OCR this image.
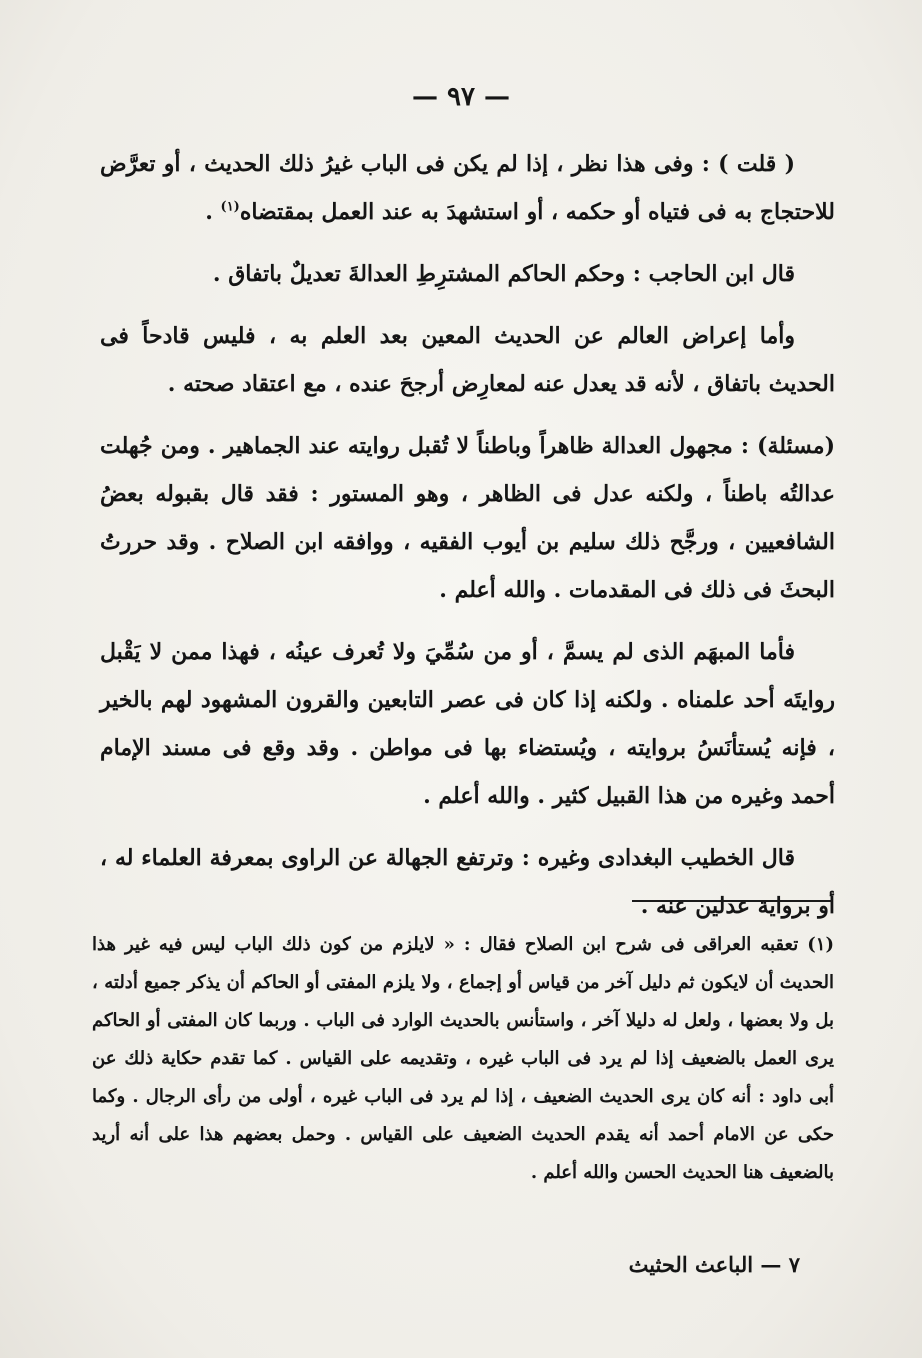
— ٩٧ —

( قلت ) : وفى هذا نظر ، إذا لم يكن فى الباب غيرُ ذلك الحديث ، أو تعرَّض للاحتجاج به فى فتياه أو حكمه ، أو استشهدَ به عند العمل بمقتضاه$^{(١)}$ .

قال ابن الحاجب : وحكم الحاكم المشترِطِ العدالةَ تعديلٌ باتفاق .

وأما إعراض العالم عن الحديث المعين بعد العلم به ، فليس قادحاً فى الحديث باتفاق ، لأنه قد يعدل عنه لمعارِض أرجحَ عنده ، مع اعتقاد صحته .

(مسئلة) : مجهول العدالة ظاهراً وباطناً لا تُقبل روايته عند الجماهير . ومن جُهلت عدالتُه باطناً ، ولكنه عدل فى الظاهر ، وهو المستور : فقد قال بقبوله بعضُ الشافعيين ، ورجَّح ذلك سليم بن أيوب الفقيه ، ووافقه ابن الصلاح . وقد حررتُ البحثَ فى ذلك فى المقدمات . والله أعلم .

فأما المبهَم الذى لم يسمَّ ، أو من سُمِّيَ ولا تُعرف عينُه ، فهذا ممن لا يَقْبل روايتَه أحد علمناه . ولكنه إذا كان فى عصر التابعين والقرون المشهود لهم بالخير ، فإنه يُستأنَسُ بروايته ، ويُستضاء بها فى مواطن . وقد وقع فى مسند الإمام أحمد وغيره من هذا القبيل كثير . والله أعلم .

قال الخطيب البغدادى وغيره : وترتفع الجهالة عن الراوى بمعرفة العلماء له ، أو برواية عدلين عنه .

(١) تعقبه العراقى فى شرح ابن الصلاح فقال : « لايلزم من كون ذلك الباب ليس فيه غير هذا الحديث أن لايكون ثم دليل آخر من قياس أو إجماع ، ولا يلزم المفتى أو الحاكم أن يذكر جميع أدلته ، بل ولا بعضها ، ولعل له دليلا آخر ، واستأنس بالحديث الوارد فى الباب . وربما كان المفتى أو الحاكم يرى العمل بالضعيف إذا لم يرد فى الباب غيره ، وتقديمه على القياس . كما تقدم حكاية ذلك عن أبى داود : أنه كان يرى الحديث الضعيف ، إذا لم يرد فى الباب غيره ، أولى من رأى الرجال . وكما حكى عن الامام أحمد أنه يقدم الحديث الضعيف على القياس . وحمل بعضهم هذا على أنه أريد بالضعيف هنا الحديث الحسن والله أعلم .

٧ — الباعث الحثيث
